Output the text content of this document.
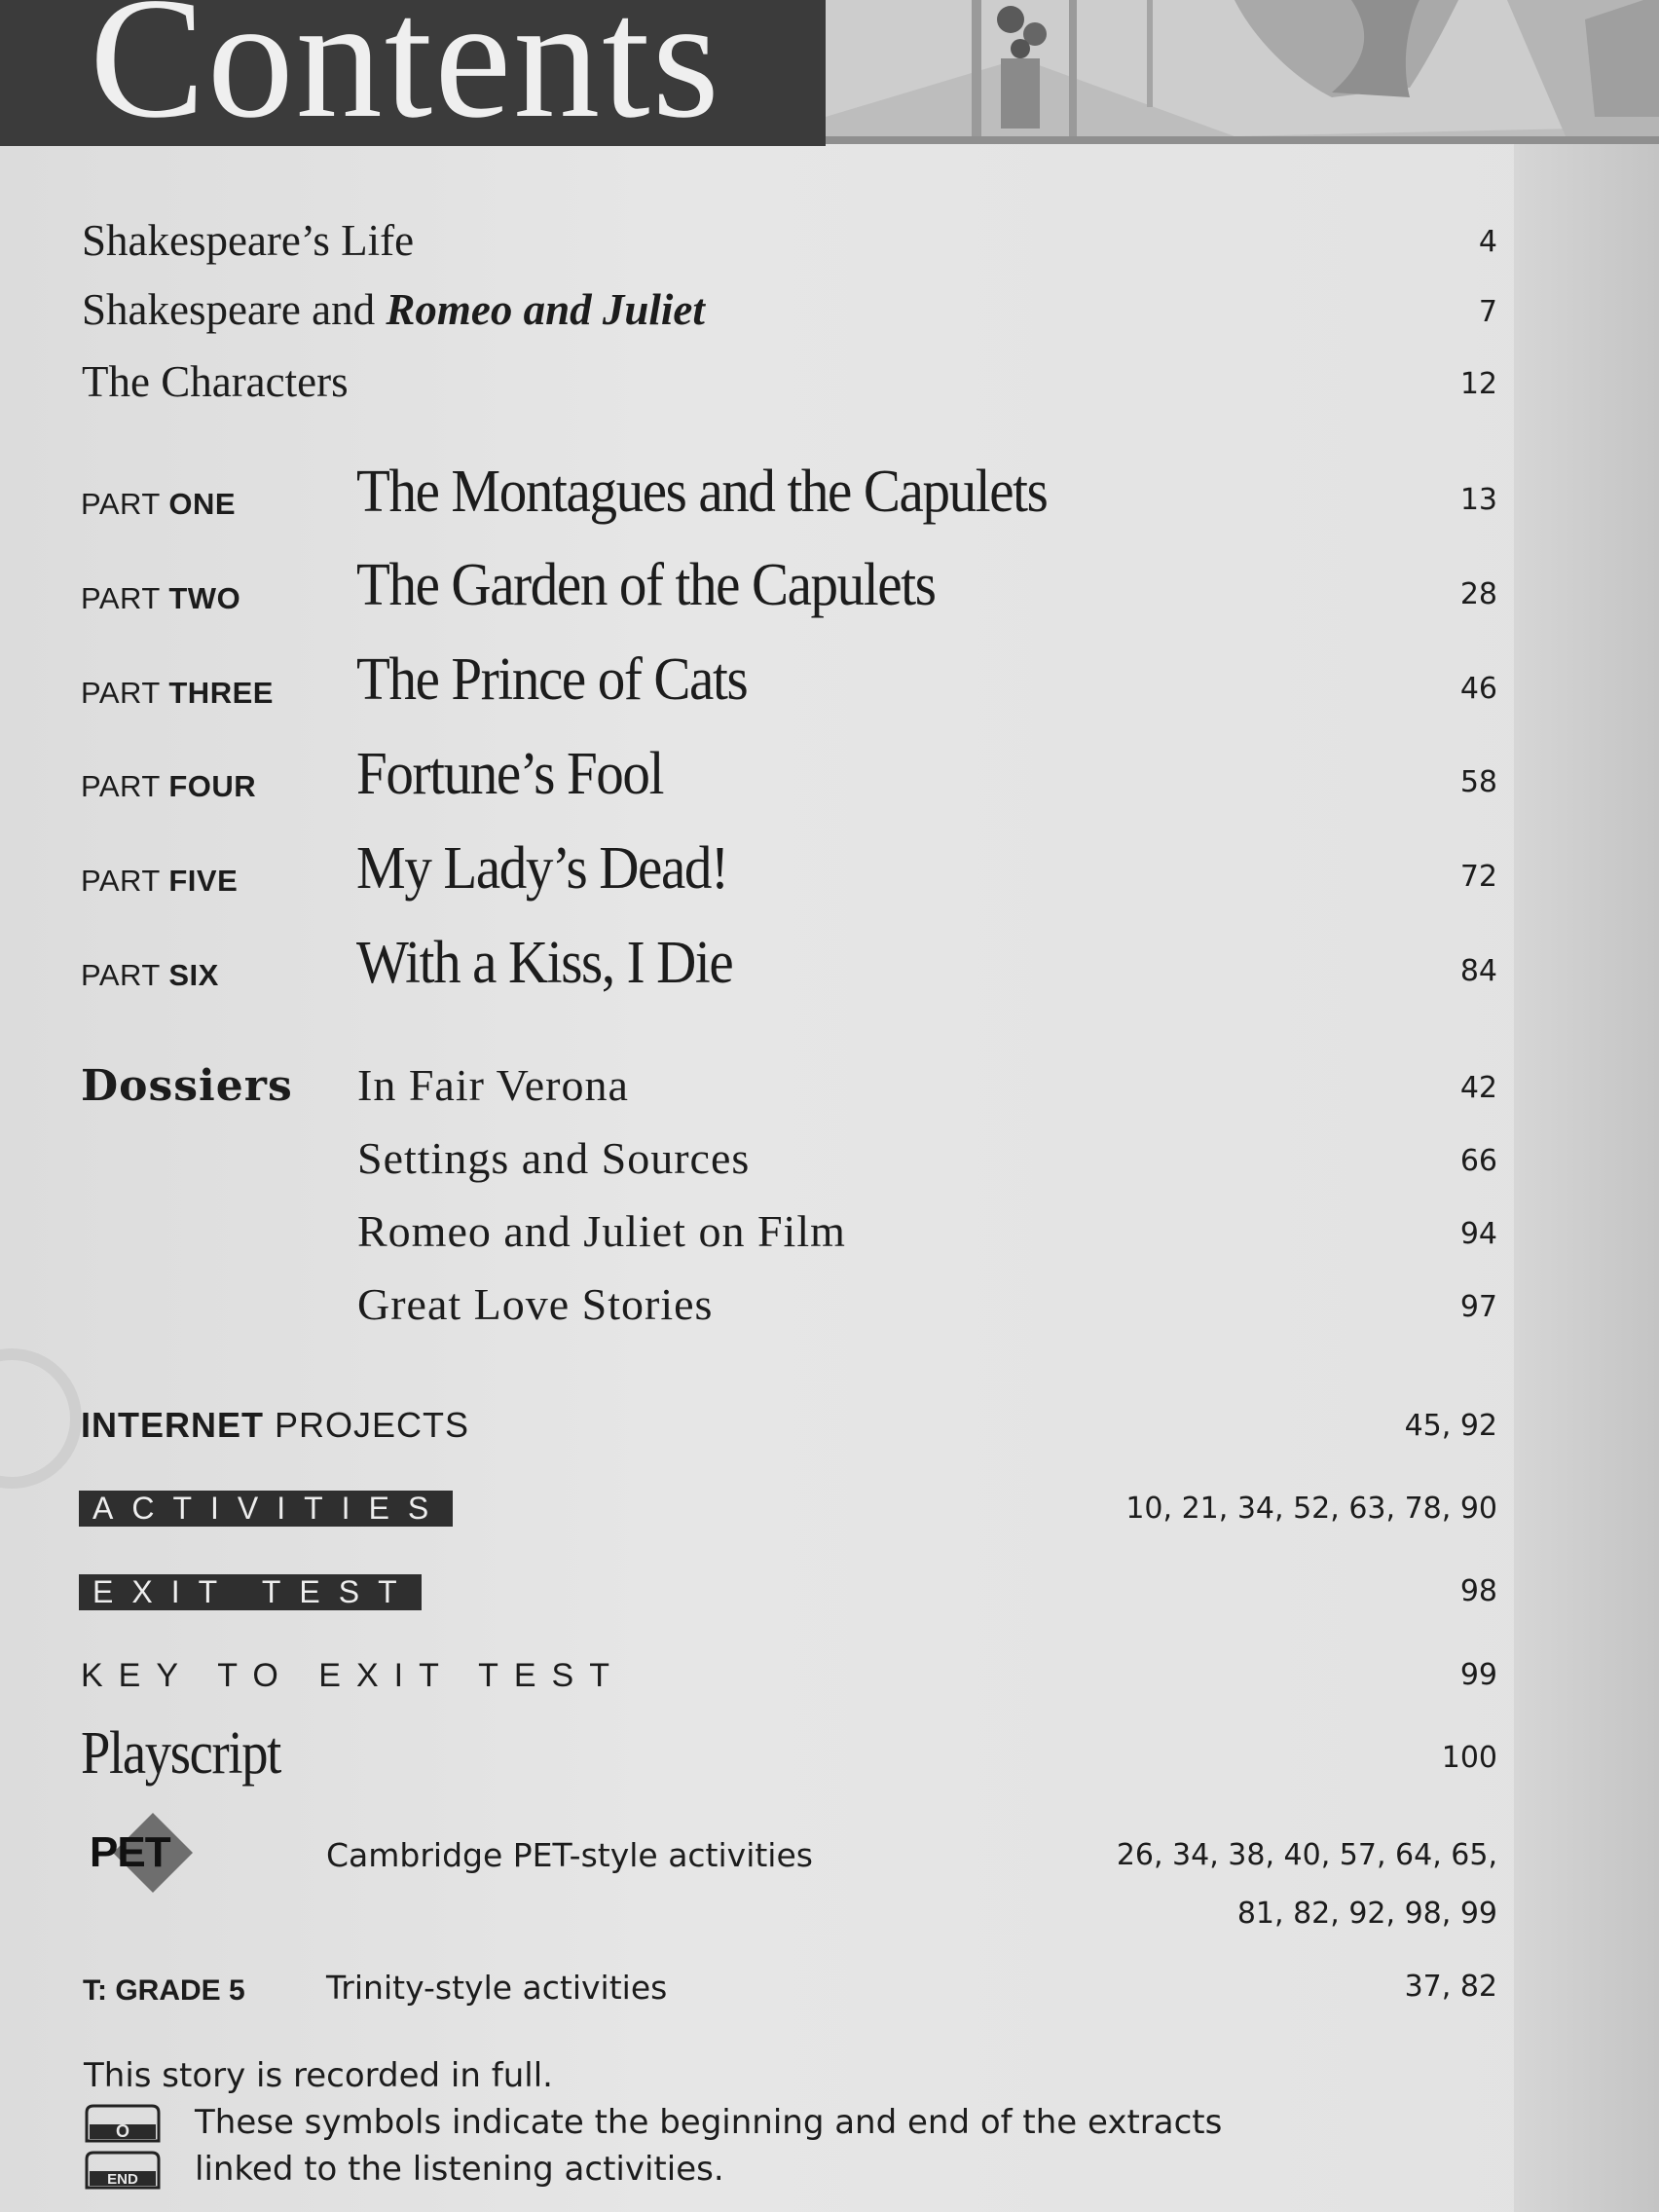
Contents
Shakespeare’s Life	4
Shakespeare and Romeo and Juliet	7
The Characters	12
PART ONE The Montagues and the Capulets	13
PART TWO The Garden of the Capulets	28
PART THREE The Prince of Cats	46
PART FOUR Fortune’s Fool	58
PART FIVE My Lady’s Dead!	72
PART SIX With a Kiss, I Die	84
Dossiers In Fair Verona	42
Settings and Sources	66
Romeo and Juliet on Film	94
Great Love Stories	97
INTERNET PROJECTS	45, 92
ACTIVITIES	10, 21, 34, 52, 63, 78, 90
EXIT TEST	98
KEY TO EXIT TEST	99
Playscript	100
PET	Cambridge PET-style activities	26, 34, 38, 40, 57, 64, 65,
81, 82, 92, 98, 99
T: GRADE 5	Trinity-style activities	37, 82
This story is recorded in full.
O These symbols indicate the beginning and end of the extracts
END linked to the listening activities.
